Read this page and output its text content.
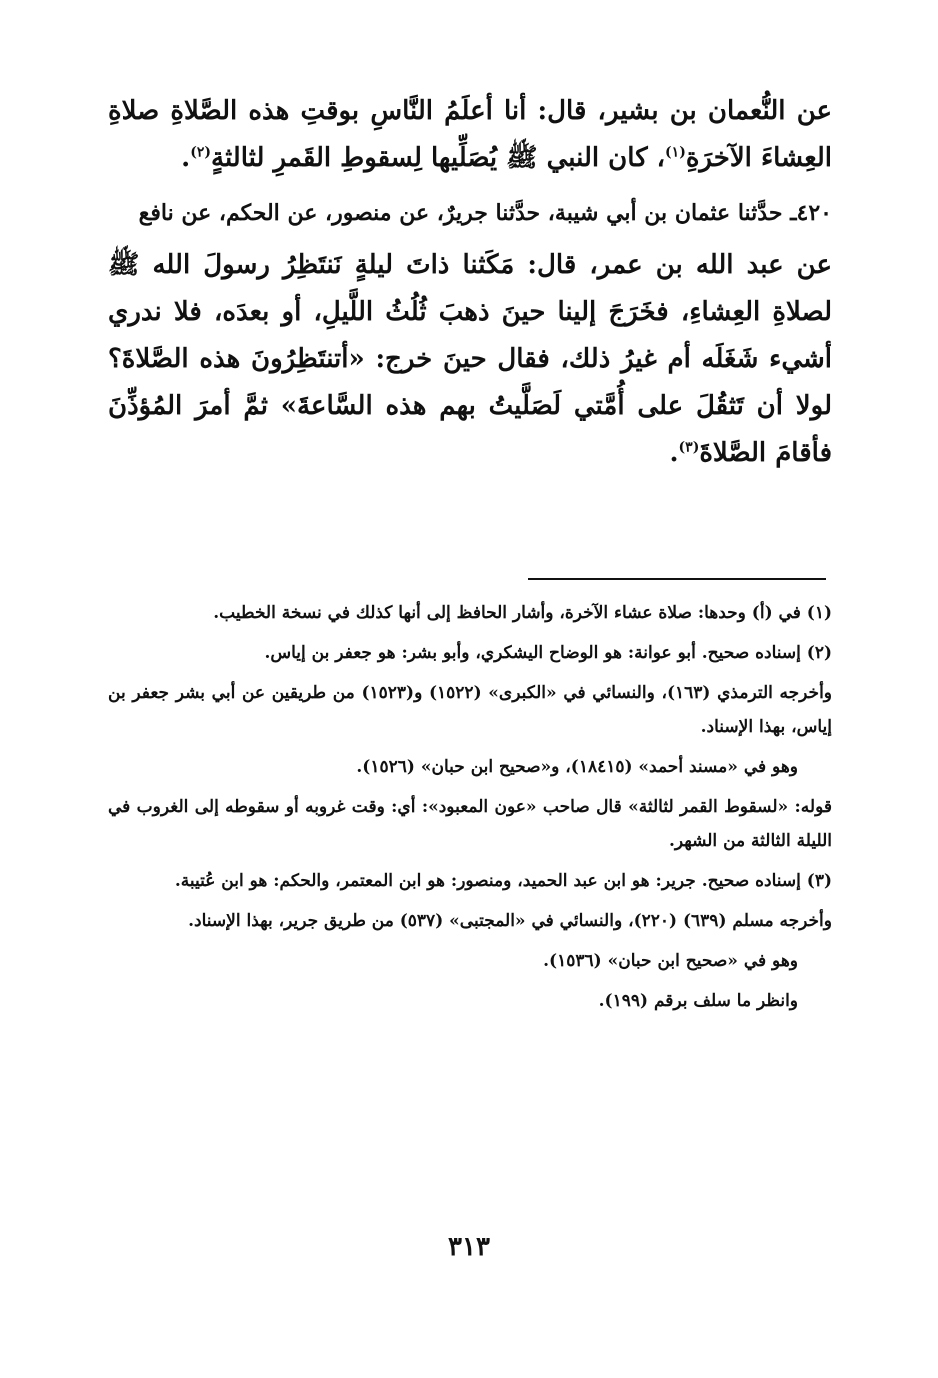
عن النُّعمان بن بشير، قال: أنا أعلَمُ النَّاسِ بوقتِ هذه الصَّلاةِ صلاةِ العِشاءَ الآخرَةِ$^{(١)}$، كان النبي ﷺ يُصَلِّيها لِسقوطِ القَمرِ لثالثةٍ$^{(٢)}$.

٤٢٠ـ حدَّثنا عثمان بن أبي شيبة، حدَّثنا جريرٌ، عن منصور، عن الحكم، عن نافع

عن عبد الله بن عمر، قال: مَكَثنا ذاتَ ليلةٍ نَنتَظِرُ رسولَ الله ﷺ لصلاةِ العِشاءِ، فخَرَجَ إلينا حينَ ذهبَ ثُلُثُ اللَّيلِ، أو بعدَه، فلا ندري أشيء شَغَلَه أم غيرُ ذلك، فقال حينَ خرج: «أتنتَظِرُونَ هذه الصَّلاةَ؟ لولا أن تَثقُلَ على أُمَّتي لَصَلَّيتُ بهم هذه السَّاعةَ» ثمَّ أمرَ المُؤذِّنَ فأقامَ الصَّلاةَ$^{(٣)}$.

(١) في (أ) وحدها: صلاة عشاء الآخرة، وأشار الحافظ إلى أنها كذلك في نسخة الخطيب.

(٢) إسناده صحيح. أبو عوانة: هو الوضاح اليشكري، وأبو بشر: هو جعفر بن إياس.

وأخرجه الترمذي (١٦٣)، والنسائي في «الكبرى» (١٥٢٢) و(١٥٢٣) من طريقين عن أبي بشر جعفر بن إياس، بهذا الإسناد.

وهو في «مسند أحمد» (١٨٤١٥)، و«صحيح ابن حبان» (١٥٢٦).

قوله: «لسقوط القمر لثالثة» قال صاحب «عون المعبود»: أي: وقت غروبه أو سقوطه إلى الغروب في الليلة الثالثة من الشهر.

(٣) إسناده صحيح. جرير: هو ابن عبد الحميد، ومنصور: هو ابن المعتمر، والحكم: هو ابن عُتيبة.

وأخرجه مسلم (٦٣٩) (٢٢٠)، والنسائي في «المجتبى» (٥٣٧) من طريق جرير، بهذا الإسناد.

وهو في «صحيح ابن حبان» (١٥٣٦).

وانظر ما سلف برقم (١٩٩).

٣١٣
